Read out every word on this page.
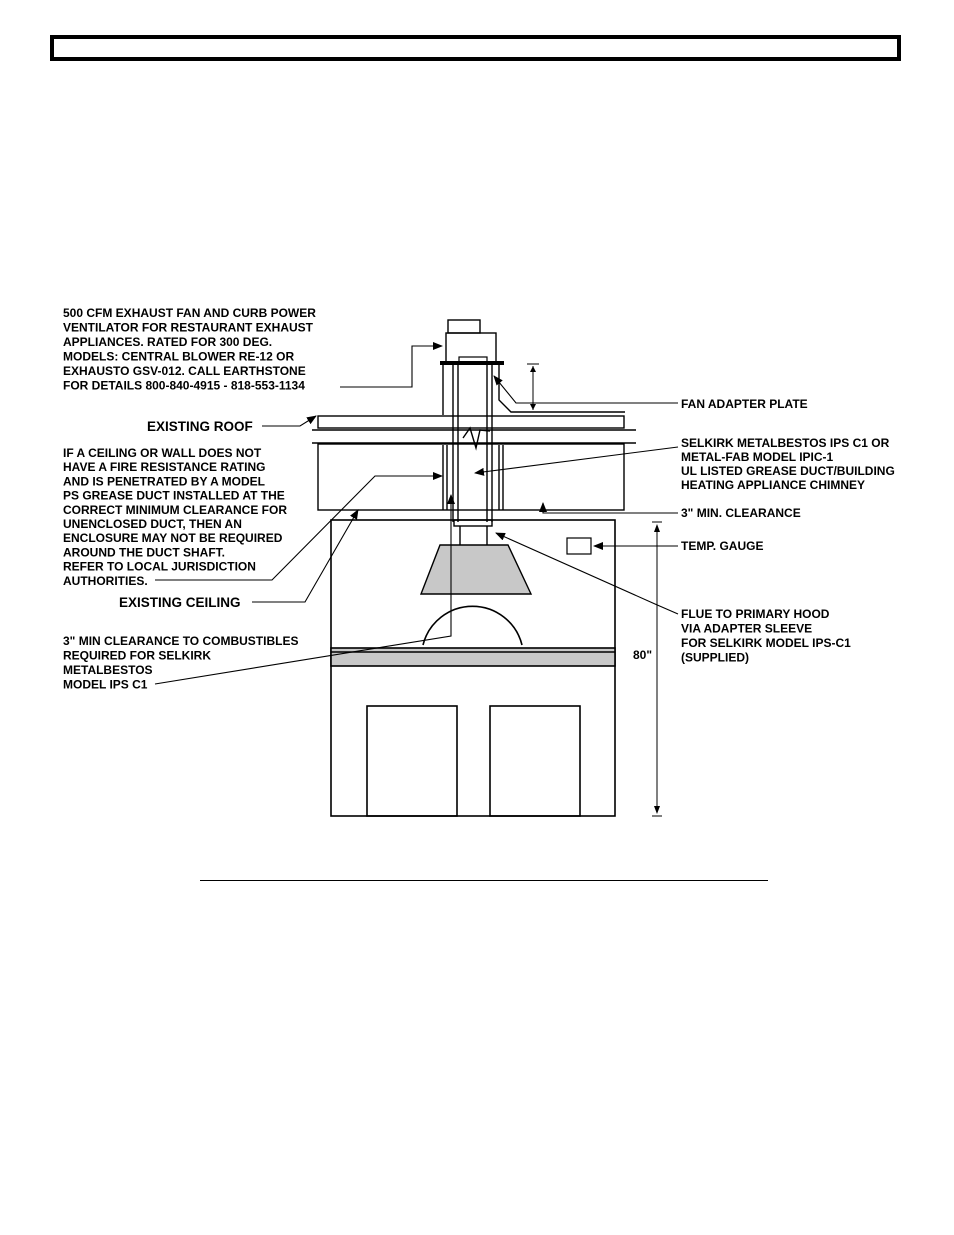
500 CFM EXHAUST FAN AND CURB POWER VENTILATOR FOR RESTAURANT EXHAUST APPLIANCES. RATED FOR 300 DEG. MODELS: CENTRAL BLOWER RE-12 OR EXHAUSTO GSV-012. CALL EARTHSTONE FOR DETAILS 800-840-4915 - 818-553-1134
EXISTING ROOF
IF A CEILING OR WALL DOES NOT HAVE A FIRE RESISTANCE RATING AND IS PENETRATED BY A MODEL PS GREASE DUCT INSTALLED AT THE CORRECT MINIMUM CLEARANCE FOR UNENCLOSED DUCT, THEN AN ENCLOSURE MAY NOT BE REQUIRED AROUND THE DUCT SHAFT. REFER TO LOCAL JURISDICTION AUTHORITIES.
EXISTING CEILING
3" MIN CLEARANCE TO COMBUSTIBLES REQUIRED FOR SELKIRK METALBESTOS MODEL IPS C1
FAN ADAPTER PLATE
SELKIRK METALBESTOS IPS C1 OR METAL-FAB MODEL IPIC-1 UL LISTED GREASE DUCT/BUILDING HEATING APPLIANCE CHIMNEY
3" MIN. CLEARANCE
TEMP. GAUGE
FLUE TO PRIMARY HOOD VIA ADAPTER SLEEVE FOR SELKIRK MODEL IPS-C1 (SUPPLIED)
80"
